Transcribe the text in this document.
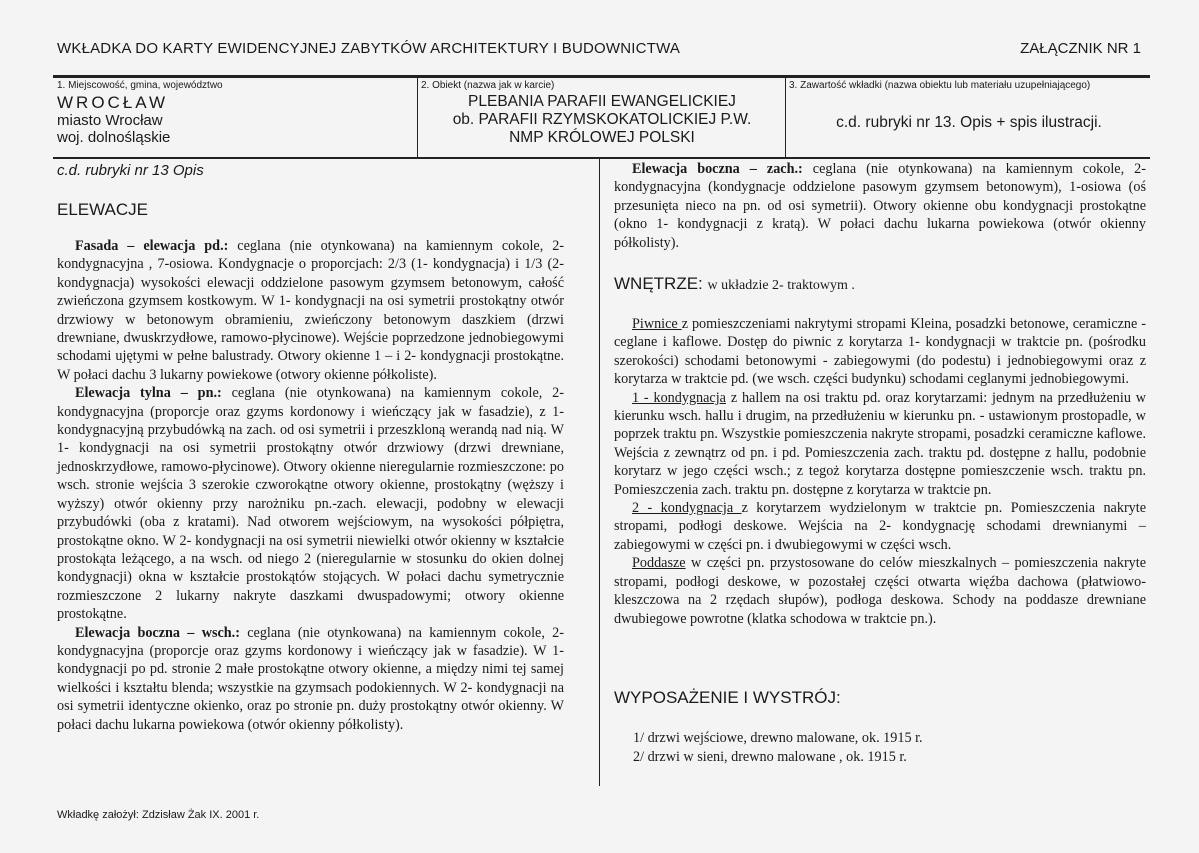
WKŁADKA DO KARTY EWIDENCYJNEJ ZABYTKÓW ARCHITEKTURY I BUDOWNICTWA	ZAŁĄCZNIK NR 1
1. Miejscowość, gmina, województwo
WROCŁAW
miasto Wrocław
woj. dolnośląskie
2. Obiekt (nazwa jak w karcie)
PLEBANIA PARAFII EWANGELICKIEJ
ob. PARAFII RZYMSKOKATOLICKIEJ P.W.
NMP KRÓLOWEJ POLSKI
3. Zawartość wkładki (nazwa obiektu lub materiału uzupełniającego)
c.d. rubryki nr 13. Opis + spis ilustracji.
c.d. rubryki nr 13 Opis
ELEWACJE

Fasada – elewacja pd.: ceglana (nie otynkowana) na kamiennym cokole, 2-kondygnacyjna , 7-osiowa. Kondygnacje o proporcjach: 2/3 (1- kondygnacja) i 1/3 (2-kondygnacja) wysokości elewacji oddzielone pasowym gzymsem betonowym, całość zwieńczona gzymsem kostkowym. W 1- kondygnacji na osi symetrii prostokątny otwór drzwiowy w betonowym obramieniu, zwieńczony betonowym daszkiem (drzwi drewniane, dwuskrzydłowe, ramowo-płycinowe). Wejście poprzedzone jednobiegowymi schodami ujętymi w pełne balustrady. Otwory okienne 1 – i 2- kondygnacji prostokątne. W połaci dachu 3 lukarny powiekowe (otwory okienne półkoliste).

Elewacja tylna – pn.: ceglana (nie otynkowana) na kamiennym cokole, 2-kondygnacyjna (proporcje oraz gzyms kordonowy i wieńczący jak w fasadzie), z 1- kondygnacyjną przybudówką na zach. od osi symetrii i przeszkloną werandą nad nią. W 1- kondygnacji na osi symetrii prostokątny otwór drzwiowy (drzwi drewniane, jednoskrzydłowe, ramowo-płycinowe). Otwory okienne nieregularnie rozmieszczone: po wsch. stronie wejścia 3 szerokie czworokątne otwory okienne, prostokątny (węższy i wyższy) otwór okienny przy narożniku pn.-zach. elewacji, podobny w elewacji przybudówki (oba z kratami). Nad otworem wejściowym, na wysokości półpiętra, prostokątne okno. W 2- kondygnacji na osi symetrii niewielki otwór okienny w kształcie prostokąta leżącego, a na wsch. od niego 2 (nieregularnie w stosunku do okien dolnej kondygnacji) okna w kształcie prostokątów stojących. W połaci dachu symetrycznie rozmieszczone 2 lukarny nakryte daszkami dwuspadowymi; otwory okienne prostokątne.

Elewacja boczna – wsch.: ceglana (nie otynkowana) na kamiennym cokole, 2- kondygnacyjna (proporcje oraz gzyms kordonowy i wieńczący jak w fasadzie). W 1- kondygnacji po pd. stronie 2 małe prostokątne otwory okienne, a między nimi tej samej wielkości i kształtu blenda; wszystkie na gzymsach podokiennych. W 2- kondygnacji na osi symetrii identyczne okienko, oraz po stronie pn. duży prostokątny otwór okienny. W połaci dachu lukarna powiekowa (otwór okienny półkolisty).

Elewacja boczna – zach.: ceglana (nie otynkowana) na kamiennym cokole, 2-kondygnacyjna (kondygnacje oddzielone pasowym gzymsem betonowym), 1-osiowa (oś przesunięta nieco na pn. od osi symetrii). Otwory okienne obu kondygnacji prostokątne (okno 1- kondygnacji z kratą). W połaci dachu lukarna powiekowa (otwór okienny półkolisty).

WNĘTRZE: w układzie 2- traktowym .

Piwnice z pomieszczeniami nakrytymi stropami Kleina, posadzki betonowe, ceramiczne - ceglane i kaflowe. Dostęp do piwnic z korytarza 1- kondygnacji w traktcie pn. (pośrodku szerokości) schodami betonowymi - zabiegowymi (do podestu) i jednobiegowymi oraz z korytarza w traktcie pd. (we wsch. części budynku) schodami ceglanymi jednobiegowymi.

1 - kondygnacja z hallem na osi traktu pd. oraz korytarzami: jednym na przedłużeniu w kierunku wsch. hallu i drugim, na przedłużeniu w kierunku pn. - ustawionym prostopadle, w poprzek traktu pn. Wszystkie pomieszczenia nakryte stropami, posadzki ceramiczne kaflowe. Wejścia z zewnątrz od pn. i pd. Pomieszczenia zach. traktu pd. dostępne z hallu, podobnie korytarz w jego części wsch.; z tegoż korytarza dostępne pomieszczenie wsch. traktu pn. Pomieszczenia zach. traktu pn. dostępne z korytarza w traktcie pn.

2 - kondygnacja z korytarzem wydzielonym w traktcie pn. Pomieszczenia nakryte stropami, podłogi deskowe. Wejścia na 2- kondygnację schodami drewnianymi – zabiegowymi w części pn. i dwubiegowymi w części wsch.

Poddasze w części pn. przystosowane do celów mieszkalnych – pomieszczenia nakryte stropami, podłogi deskowe, w pozostałej części otwarta więźba dachowa (płatwiowo-kleszczowa na 2 rzędach słupów), podłoga deskowa. Schody na poddasze drewniane dwubiegowe powrotne (klatka schodowa w traktcie pn.).

WYPOSAŻENIE I WYSTRÓJ:
1/ drzwi wejściowe, drewno malowane, ok. 1915 r.
2/ drzwi w sieni, drewno malowane , ok. 1915 r.
Wkładkę założył: Zdzisław Żak IX. 2001 r.
